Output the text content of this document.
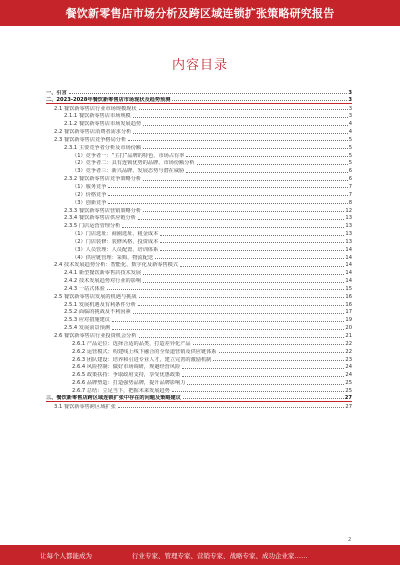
餐饮新零售店市场分析及跨区域连锁扩张策略研究报告
内容目录
一、引言	3
二、2023-2028年餐饮新零售店市场现状及趋势预测	3
2.1 餐饮新零售店行业市场规模现状	3
2.1.1 餐饮新零售店市场规模	3
2.1.2 餐饮新零售店市场发展趋势	4
2.2 餐饮新零售店消费者需求分析	4
2.3 餐饮新零售店竞争格局分析	5
2.3.1 主要竞争者分析及市场份额	5
（1）竞争者一：“主打”品牌的特色、市场占有率	5
（2）竞争者二：具有连锁优势的品牌、市场份额分析	5
（3）竞争者三：新兴品牌、发展态势与潜在威胁	6
2.3.2 餐饮新零售店竞争策略分析	6
（1）服务竞争	7
（2）价格竞争	7
（3）创新竞争	8
2.3.3 餐饮新零售店营销策略分析	12
2.3.4 餐饮新零售店供应链分析	13
2.3.5 门店运营管理分析	13
（1）门店选址：商圈选址、租金成本	13
（2）门店装修：装修风格、投资成本	13
（3）人员管理：人员配置、培训体系	14
（4）供应链管理：采购、物流配送	14
2.4 技术发展趋势分析：智能化、数字化及新零售模式	14
2.4.1 新型餐饮新零售店技术发展	14
2.4.2 技术发展趋势对行业的影响	14
2.4.3 一站式体验	15
2.5 餐饮新零售店发展的机遇与挑战	16
2.5.1 发展机遇及有利条件分析	16
2.5.2 面临的挑战及不利因素	17
2.5.3 应对措施建议	19
2.5.4 发展前景预测	20
2.6 餐饮新零售店行业投资机会分析	21
2.6.1 产品定位：选择合适的品类，打造差异化产品	22
2.6.2 运营模式：构建线上线下融合的全渠道营销及供应链体系	22
2.6.3 团队建设：培养和引进专业人才，建立完善的激励机制	23
2.6.4 风险控制：做好市场调研，规避经营风险	24
2.6.5 政策扶持：争取政府支持，享受优惠政策	24
2.6.6 品牌塑造：打造强势品牌，提升品牌影响力	25
2.6.7 总结：立足当下，把握未来发展趋势	25
三、餐饮新零售店跨区域连锁扩张中存在的问题及策略建议	27
3.1 餐饮新零售跨区域扩张	27
2
让每个人都能成为	行业专家、管理专家、营销专家、战略专家、成功企业家……
